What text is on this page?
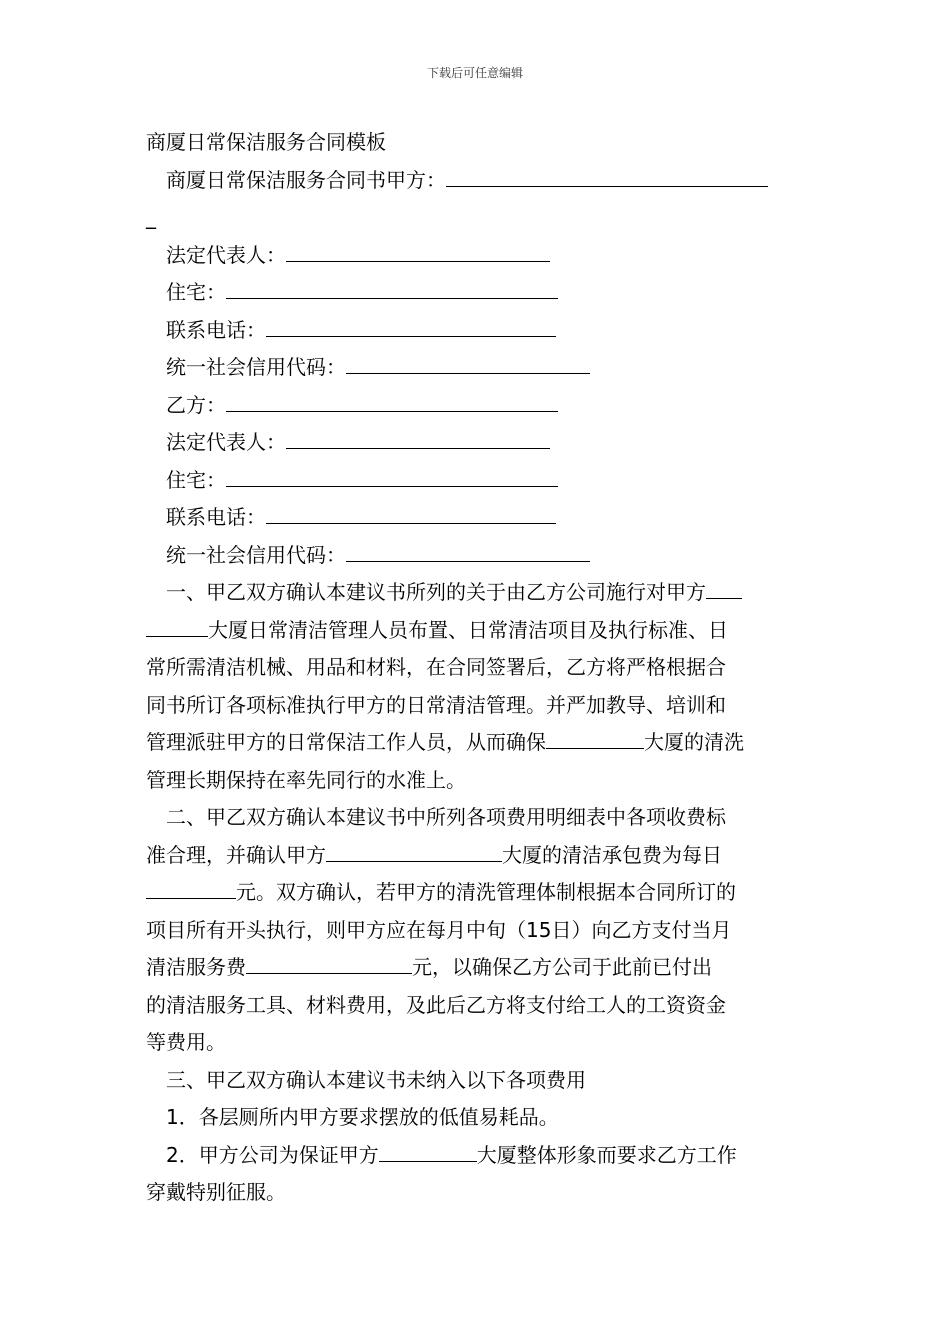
下载后可任意编辑
商厦日常保洁服务合同模板
商厦日常保洁服务合同书甲方：
_
法定代表人：
住宅：
联系电话：
统一社会信用代码：
乙方：
法定代表人：
住宅：
联系电话：
统一社会信用代码：
一、甲乙双方确认本建议书所列的关于由乙方公司施行对甲方
大厦日常清洁管理人员布置、日常清洁项目及执行标准、日
常所需清洁机械、用品和材料，在合同签署后，乙方将严格根据合
同书所订各项标准执行甲方的日常清洁管理。并严加教导、培训和
管理派驻甲方的日常保洁工作人员，从而确保	大厦的清洗
管理长期保持在率先同行的水准上。
二、甲乙双方确认本建议书中所列各项费用明细表中各项收费标
准合理，并确认甲方	大厦的清洁承包费为每日
元。双方确认，若甲方的清洗管理体制根据本合同所订的
项目所有开头执行，则甲方应在每月中旬（15日）向乙方支付当月
清洁服务费	元，以确保乙方公司于此前已付出
的清洁服务工具、材料费用，及此后乙方将支付给工人的工资资金
等费用。
三、甲乙双方确认本建议书未纳入以下各项费用
1．各层厕所内甲方要求摆放的低值易耗品。
2．甲方公司为保证甲方	大厦整体形象而要求乙方工作
穿戴特别征服。
